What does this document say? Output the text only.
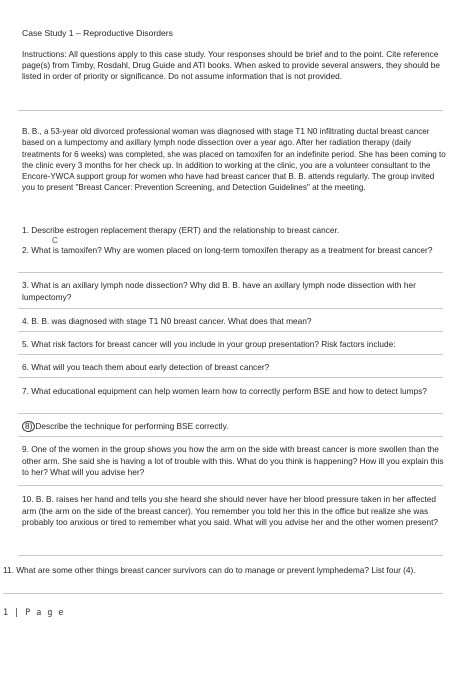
Case Study 1 – Reproductive Disorders
Instructions: All questions apply to this case study. Your responses should be brief and to the point. Cite reference page(s) from Timby, Rosdahl, Drug Guide and ATI books. When asked to provide several answers, they should be listed in order of priority or significance. Do not assume information that is not provided.
B. B., a 53-year old divorced professional woman was diagnosed with stage T1 N0 infiltrating ductal breast cancer based on a lumpectomy and axillary lymph node dissection over a year ago. After her radiation therapy (daily treatments for 6 weeks) was completed, she was placed on tamoxifen for an indefinite period. She has been coming to the clinic every 3 months for her check up. In addition to working at the clinic, you are a volunteer consultant to the Encore-YWCA support group for women who have had breast cancer that B. B. attends regularly. The group invited you to present "Breast Cancer: Prevention Screening, and Detection Guidelines" at the meeting.
1. Describe estrogen replacement therapy (ERT) and the relationship to breast cancer.
C
2. What is tamoxifen? Why are women placed on long-term tomoxifen therapy as a treatment for breast cancer?
3. What is an axillary lymph node dissection? Why did B. B. have an axillary lymph node dissection with her lumpectomy?
4. B. B. was diagnosed with stage T1 N0 breast cancer. What does that mean?
5. What risk factors for breast cancer will you include in your group presentation? Risk factors include:
6. What will you teach them about early detection of breast cancer?
7. What educational equipment can help women learn how to correctly perform BSE and how to detect lumps?
8) Describe the technique for performing BSE correctly.
9. One of the women in the group shows you how the arm on the side with breast cancer is more swollen than the other arm. She said she is having a lot of trouble with this. What do you think is happening? How ill you explain this to her? What will you advise her?
10. B. B. raises her hand and tells you she heard she should never have her blood pressure taken in her affected arm (the arm on the side of the breast cancer). You remember you told her this in the office but realize she was probably too anxious or tired to remember what you said. What will you advise her and the other women present?
11. What are some other things breast cancer survivors can do to manage or prevent lymphedema? List four (4).
1 | P a g e
